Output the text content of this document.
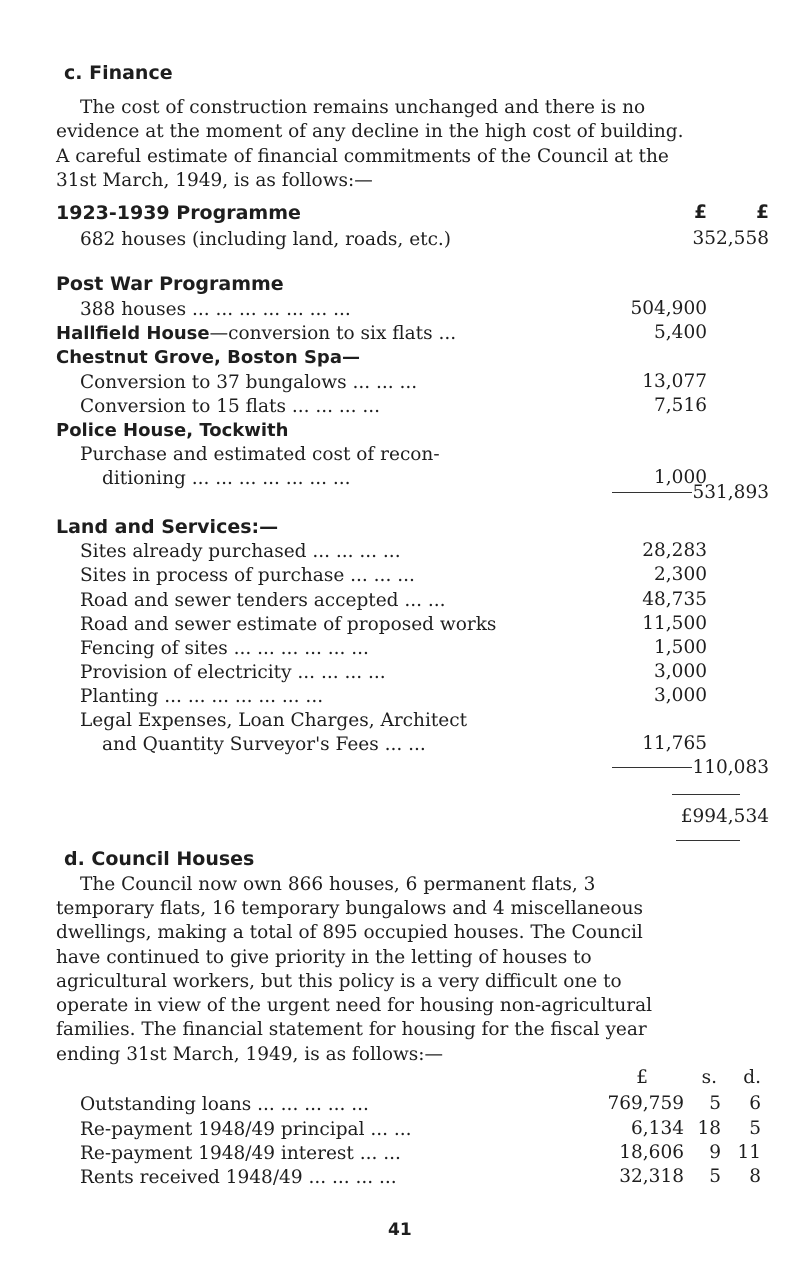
c. Finance
The cost of construction remains unchanged and there is no
evidence at the moment of any decline in the high cost of building.
A careful estimate of financial commitments of the Council at the
31st March, 1949, is as follows:—
1923-1939 Programme	£	£
682 houses (including land, roads, etc.)	352,558
Post War Programme
388 houses ... ... ... ... ... ... ...	504,900
Hallfield House—conversion to six flats ...	5,400
Chestnut Grove, Boston Spa—
Conversion to 37 bungalows ... ... ...	13,077
Conversion to 15 flats ... ... ... ...	7,516
Police House, Tockwith
Purchase and estimated cost of recon-
ditioning ... ... ... ... ... ... ...	1,000
531,893
Land and Services:—
Sites already purchased ... ... ... ...	28,283
Sites in process of purchase ... ... ...	2,300
Road and sewer tenders accepted ... ...	48,735
Road and sewer estimate of proposed works	11,500
Fencing of sites ... ... ... ... ... ...	1,500
Provision of electricity ... ... ... ...	3,000
Planting ... ... ... ... ... ... ...	3,000
Legal Expenses, Loan Charges, Architect
and Quantity Surveyor's Fees ... ...	11,765
110,083
£994,534
d. Council Houses
The Council now own 866 houses, 6 permanent flats, 3
temporary flats, 16 temporary bungalows and 4 miscellaneous
dwellings, making a total of 895 occupied houses. The Council
have continued to give priority in the letting of houses to
agricultural workers, but this policy is a very difficult one to
operate in view of the urgent need for housing non-agricultural
families. The financial statement for housing for the fiscal year
ending 31st March, 1949, is as follows:—
£	s. d.
Outstanding loans ... ... ... ... ...	769,759 5 6
Re-payment 1948/49 principal ... ...	6,134 18 5
Re-payment 1948/49 interest ... ...	18,606 9 11
Rents received 1948/49 ... ... ... ...	32,318 5 8
41
